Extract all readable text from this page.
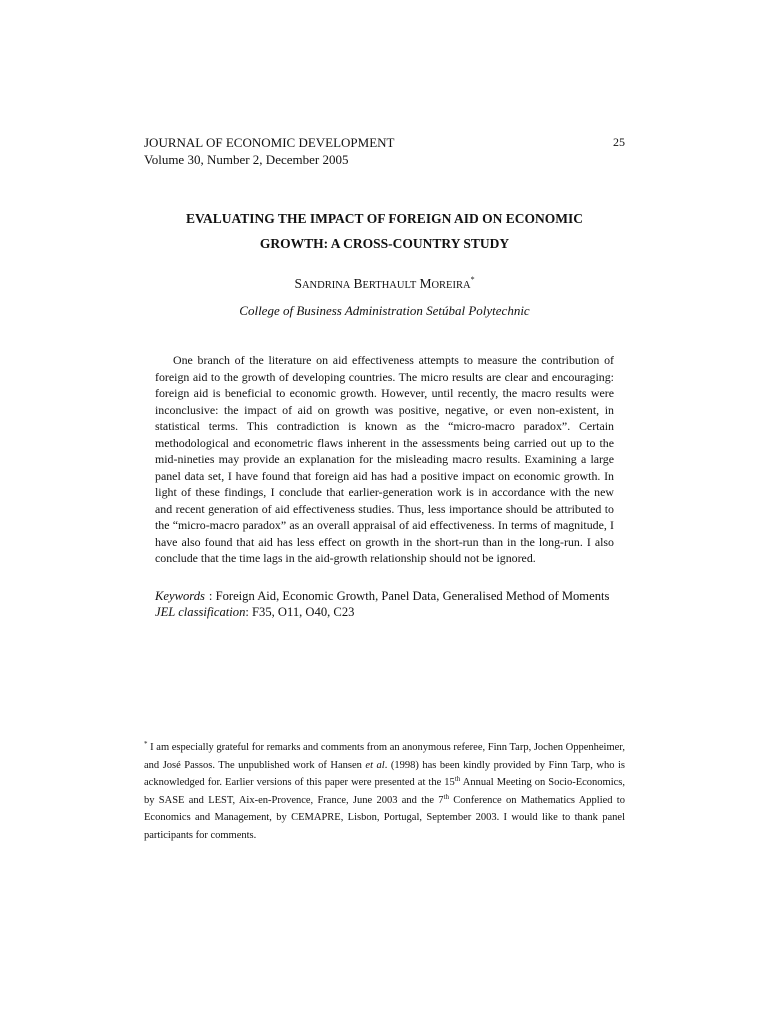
JOURNAL OF ECONOMIC DEVELOPMENT	25
Volume 30, Number 2, December 2005
EVALUATING THE IMPACT OF FOREIGN AID ON ECONOMIC
GROWTH: A CROSS-COUNTRY STUDY
SANDRINA BERTHAULT MOREIRA*
College of Business Administration Setúbal Polytechnic

One branch of the literature on aid effectiveness attempts to measure the contribution of foreign aid to the growth of developing countries. The micro results are clear and encouraging: foreign aid is beneficial to economic growth. However, until recently, the macro results were inconclusive: the impact of aid on growth was positive, negative, or even non-existent, in statistical terms. This contradiction is known as the “micro-macro paradox”. Certain methodological and econometric flaws inherent in the assessments being carried out up to the mid-nineties may provide an explanation for the misleading macro results. Examining a large panel data set, I have found that foreign aid has had a positive impact on economic growth. In light of these findings, I conclude that earlier-generation work is in accordance with the new and recent generation of aid effectiveness studies. Thus, less importance should be attributed to the “micro-macro paradox” as an overall appraisal of aid effectiveness. In terms of magnitude, I have also found that aid has less effect on growth in the short-run than in the long-run. I also conclude that the time lags in the aid-growth relationship should not be ignored.

Keywords : Foreign Aid, Economic Growth, Panel Data, Generalised Method of Moments
JEL classification: F35, O11, O40, C23

* I am especially grateful for remarks and comments from an anonymous referee, Finn Tarp, Jochen Oppenheimer, and José Passos. The unpublished work of Hansen et al. (1998) has been kindly provided by Finn Tarp, who is acknowledged for. Earlier versions of this paper were presented at the 15th Annual Meeting on Socio-Economics, by SASE and LEST, Aix-en-Provence, France, June 2003 and the 7th Conference on Mathematics Applied to Economics and Management, by CEMAPRE, Lisbon, Portugal, September 2003. I would like to thank panel participants for comments.
